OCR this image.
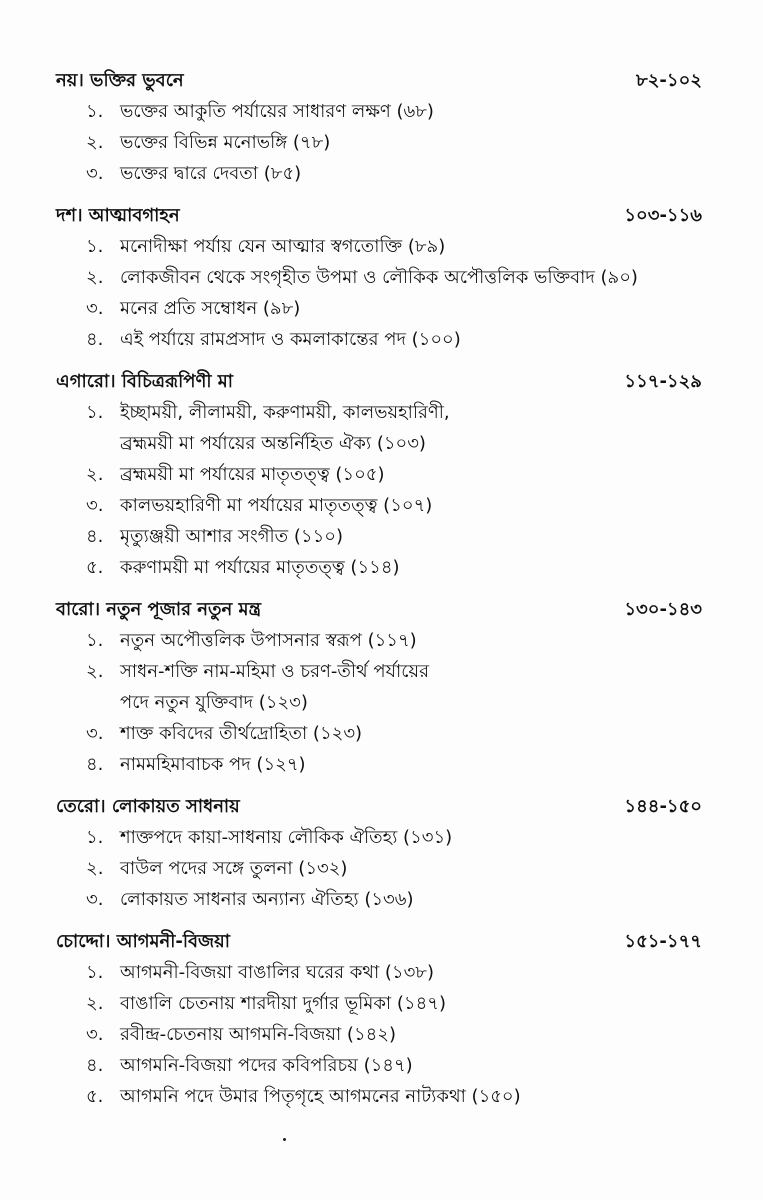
নয়। ভক্তির ভুবনে	৮২-১০২
১. ভক্তের আকুতি পর্যায়ের সাধারণ লক্ষণ (৬৮)
২. ভক্তের বিভিন্ন মনোভঙ্গি (৭৮)
৩. ভক্তের দ্বারে দেবতা (৮৫)
দশ। আত্মাবগাহন	১০৩-১১৬
১. মনোদীক্ষা পর্যায় যেন আত্মার স্বগতোক্তি (৮৯)
২. লোকজীবন থেকে সংগৃহীত উপমা ও লৌকিক অপৌত্তলিক ভক্তিবাদ (৯০)
৩. মনের প্রতি সম্বোধন (৯৮)
৪. এই পর্যায়ে রামপ্রসাদ ও কমলাকান্তের পদ (১০০)
এগারো। বিচিত্ররূপিণী মা	১১৭-১২৯
১. ইচ্ছাময়ী, লীলাময়ী, করুণাময়ী, কালভয়হারিণী,
ব্রহ্মময়ী মা পর্যায়ের অন্তর্নিহিত ঐক্য (১০৩)
২. ব্রহ্মময়ী মা পর্যায়ের মাতৃতত্ত্ব (১০৫)
৩. কালভয়হারিণী মা পর্যায়ের মাতৃতত্ত্ব (১০৭)
৪. মৃত্যুঞ্জয়ী আশার সংগীত (১১০)
৫. করুণাময়ী মা পর্যায়ের মাতৃতত্ত্ব (১১৪)
বারো। নতুন পূজার নতুন মন্ত্র	১৩০-১৪৩
১. নতুন অপৌত্তলিক উপাসনার স্বরূপ (১১৭)
২. সাধন-শক্তি নাম-মহিমা ও চরণ-তীর্থ পর্যায়ের
পদে নতুন যুক্তিবাদ (১২৩)
৩. শাক্ত কবিদের তীর্থদ্রোহিতা (১২৩)
৪. নামমহিমাবাচক পদ (১২৭)
তেরো। লোকায়ত সাধনায়	১৪৪-১৫০
১. শাক্তপদে কায়া-সাধনায় লৌকিক ঐতিহ্য (১৩১)
২. বাউল পদের সঙ্গে তুলনা (১৩২)
৩. লোকায়ত সাধনার অন্যান্য ঐতিহ্য (১৩৬)
চোদ্দো। আগমনী-বিজয়া	১৫১-১৭৭
১. আগমনী-বিজয়া বাঙালির ঘরের কথা (১৩৮)
২. বাঙালি চেতনায় শারদীয়া দুর্গার ভূমিকা (১৪৭)
৩. রবীন্দ্র-চেতনায় আগমনি-বিজয়া (১৪২)
৪. আগমনি-বিজয়া পদের কবিপরিচয় (১৪৭)
৫. আগমনি পদে উমার পিতৃগৃহে আগমনের নাট্যকথা (১৫০)
